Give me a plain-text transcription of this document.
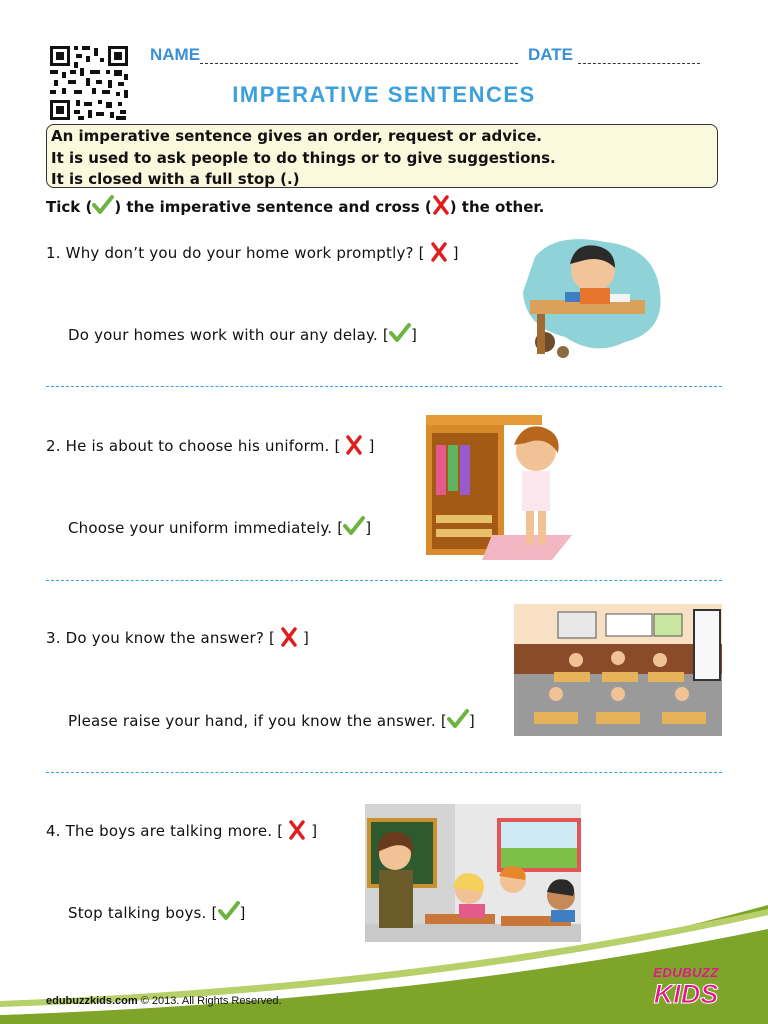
NAME	DATE
IMPERATIVE SENTENCES
An imperative sentence gives an order, request or advice.
It is used to ask people to do things or to give suggestions.
It is closed with a full stop (.)
Tick ( ) the imperative sentence and cross ( ) the other.
1. Why don’t you do your home work promptly? [ ]
Do your homes work with our any delay. [ ]
2. He is about to choose his uniform. [ ]
Choose your uniform immediately. [ ]
3. Do you know the answer? [ ]
Please raise your hand, if you know the answer. [ ]
4. The boys are talking more. [ ]
Stop talking boys. [ ]
edubuzzkids.com © 2013. All Rights Reserved.
EDUBUZZ
KIDS
